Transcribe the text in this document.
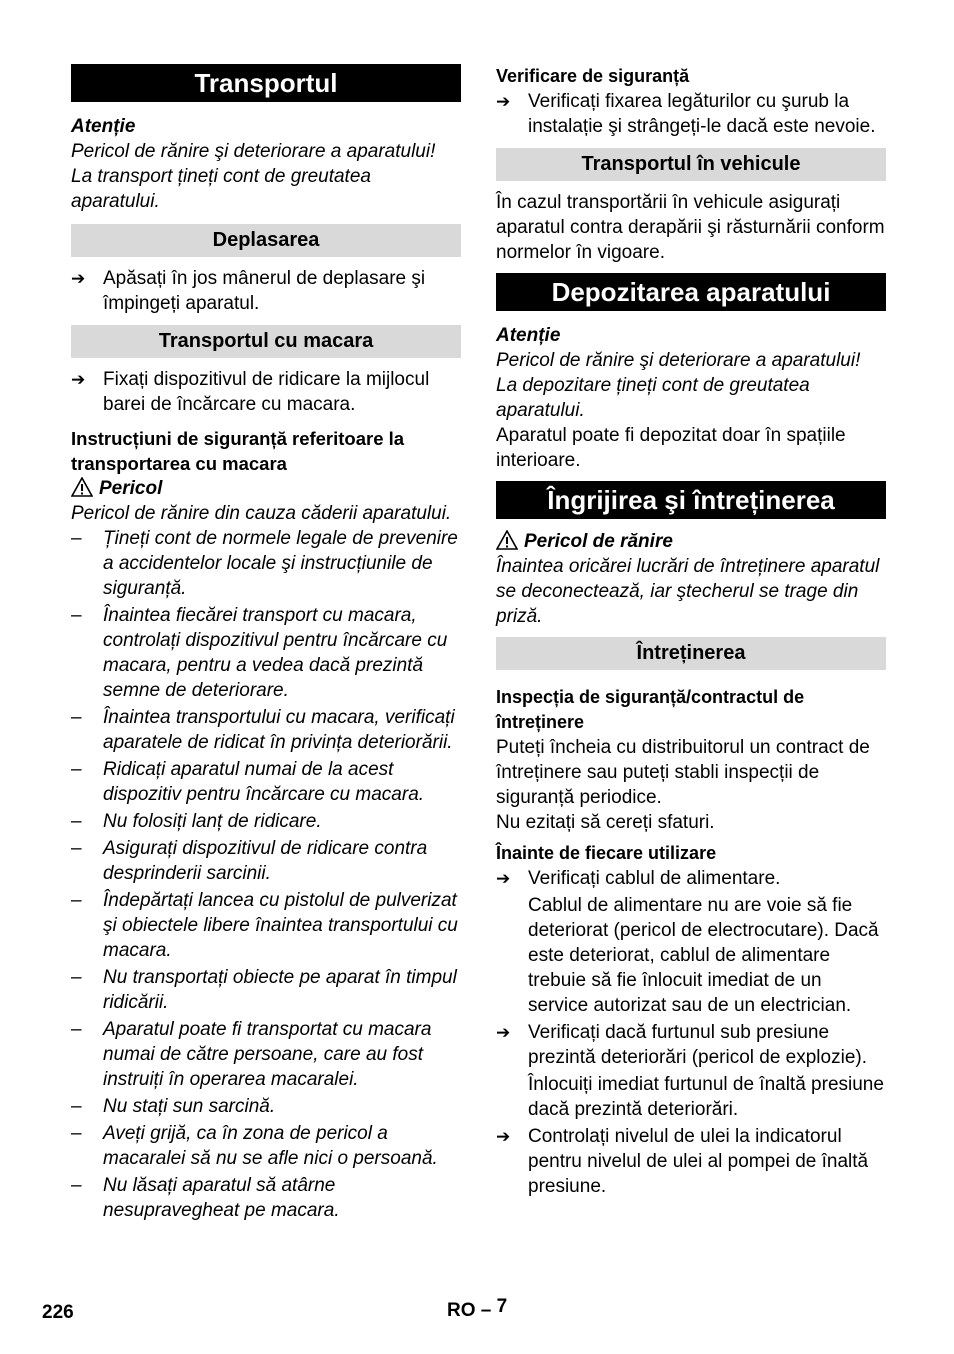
Transportul
Atenție

Pericol de rănire şi deteriorare a aparatului! La transport țineți cont de greutatea aparatului.

Deplasarea
➔ Apăsați în jos mânerul de deplasare şi împingeți aparatul.
Transportul cu macara
➔ Fixați dispozitivul de ridicare la mijlocul barei de încărcare cu macara.
Instrucțiuni de siguranță referitoare la transportarea cu macara
Pericol

Pericol de rănire din cauza căderii aparatului.

– Țineți cont de normele legale de prevenire a accidentelor locale şi instrucțiunile de siguranță.
– Înaintea fiecărei transport cu macara, controlați dispozitivul pentru încărcare cu macara, pentru a vedea dacă prezintă semne de deteriorare.
– Înaintea transportului cu macara, verificați aparatele de ridicat în privința deteriorării.
– Ridicați aparatul numai de la acest dispozitiv pentru încărcare cu macara.
– Nu folosiți lanț de ridicare.
– Asigurați dispozitivul de ridicare contra desprinderii sarcinii.
– Îndepărtați lancea cu pistolul de pulverizat şi obiectele libere înaintea transportului cu macara.
– Nu transportați obiecte pe aparat în timpul ridicării.
– Aparatul poate fi transportat cu macara numai de către persoane, care au fost instruiți în operarea macaralei.
– Nu stați sun sarcină.
– Aveți grijă, ca în zona de pericol a macaralei să nu se afle nici o persoană.
– Nu lăsați aparatul să atârne nesupravegheat pe macara.
Verificare de siguranță
➔ Verificați fixarea legăturilor cu şurub la instalație şi strângeți-le dacă este nevoie.
Transportul în vehicule

În cazul transportării în vehicule asigurați aparatul contra derapării şi răsturnării conform normelor în vigoare.

Depozitarea aparatului
Atenție

Pericol de rănire şi deteriorare a aparatului! La depozitare țineți cont de greutatea aparatului.

Aparatul poate fi depozitat doar în spațiile interioare.

Îngrijirea şi întreținerea
Pericol de rănire

Înaintea oricărei lucrări de întreținere aparatul se deconectează, iar ştecherul se trage din priză.

Întreținerea
Inspecția de siguranță/contractul de întreținere

Puteți încheia cu distribuitorul un contract de întreținere sau puteți stabli inspecții de siguranță periodice.

Nu ezitați să cereți sfaturi.

Înainte de fiecare utilizare
➔ Verificați cablul de alimentare.
Cablul de alimentare nu are voie să fie deteriorat (pericol de electrocutare). Dacă este deteriorat, cablul de alimentare trebuie să fie înlocuit imediat de un service autorizat sau de un electrician.
➔ Verificați dacă furtunul sub presiune prezintă deteriorări (pericol de explozie).
Înlocuiți imediat furtunul de înaltă presiune dacă prezintă deteriorări.
➔ Controlați nivelul de ulei la indicatorul pentru nivelul de ulei al pompei de înaltă presiune.
226	RO – 7
